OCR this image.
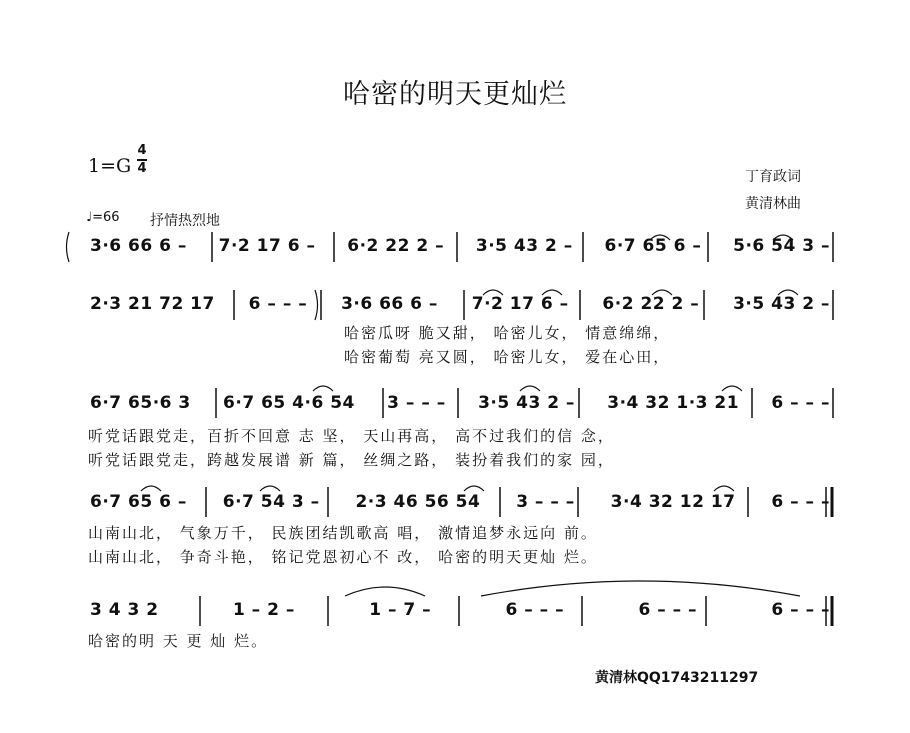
哈密的明天更灿烂
1=G
4
4
♩=66 抒情热烈地
丁育政词
黄清林曲
3·6 66 6 – 7·2 17 6 – 6·2 22 2 – 3·5 43 2 – 6·7 65 6 – 5·6 54 3 –
2·3 21 72 17 6 – – – 3·6 66 6 – 7·2 17 6 – 6·2 22 2 – 3·5 43 2 –
哈密瓜呀 脆又甜， 哈密儿女， 情意绵绵，
哈密葡萄 亮又圆， 哈密儿女， 爱在心田，
6·7 65·6 3 6·7 65 4·6 54 3 – – – 3·5 43 2 – 3·4 32 1·3 21 6 – – –
听党话跟党走，百折不回意 志 坚， 天山再高， 高不过我们的信 念，
听党话跟党走，跨越发展谱 新 篇， 丝绸之路， 装扮着我们的家 园，
6·7 65 6 – 6·7 54 3 – 2·3 46 56 54 3 – – – 3·4 32 12 17 6 – – –
山南山北， 气象万千， 民族团结凯歌高 唱， 激情追梦永远向 前。
山南山北， 争奇斗艳， 铭记党恩初心不 改， 哈密的明天更灿 烂。
3 4 3 2	1 – 2 –	1 – 7 –	6 – – –	6 – – –	6 – – –
哈密的明 天 更 灿 烂。
黄清林QQ1743211297
